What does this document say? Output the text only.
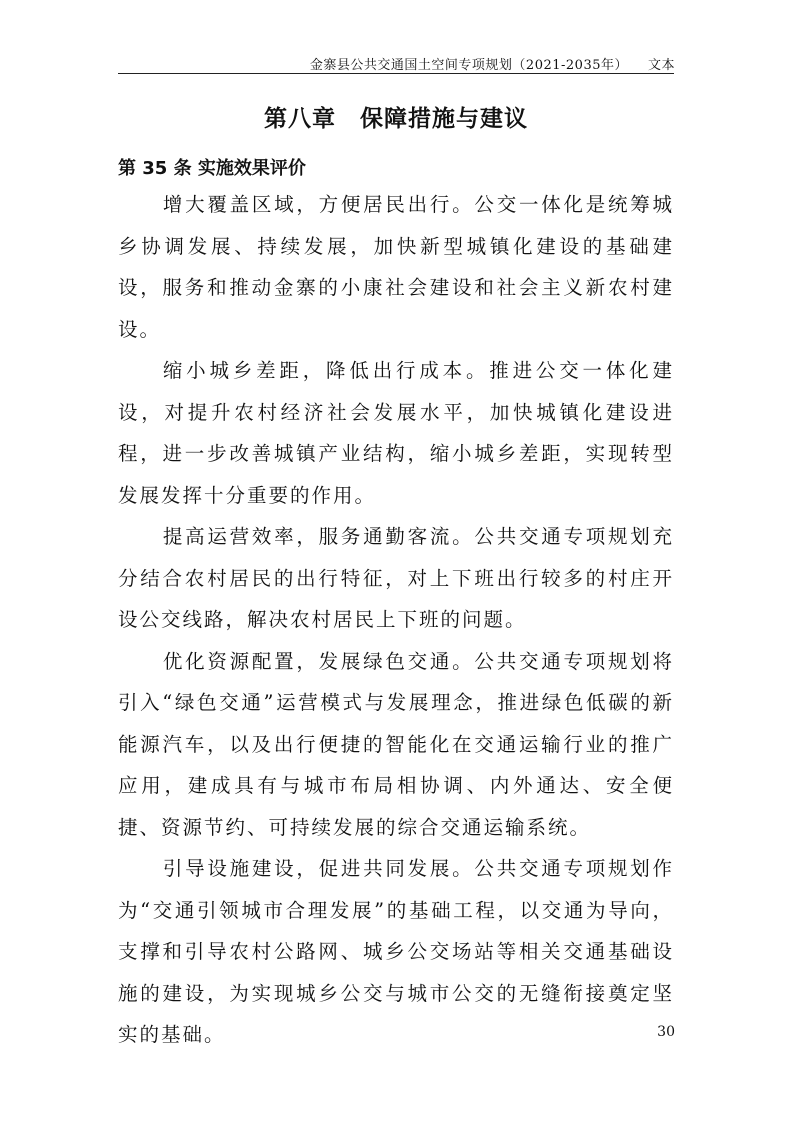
金寨县公共交通国土空间专项规划（2021-2035年） 文本
第八章　保障措施与建议
第 35 条 实施效果评价

增大覆盖区域，方便居民出行。公交一体化是统筹城乡协调发展、持续发展，加快新型城镇化建设的基础建设，服务和推动金寨的小康社会建设和社会主义新农村建设。

缩小城乡差距，降低出行成本。推进公交一体化建设，对提升农村经济社会发展水平，加快城镇化建设进程，进一步改善城镇产业结构，缩小城乡差距，实现转型发展发挥十分重要的作用。

提高运营效率，服务通勤客流。公共交通专项规划充分结合农村居民的出行特征，对上下班出行较多的村庄开设公交线路，解决农村居民上下班的问题。

优化资源配置，发展绿色交通。公共交通专项规划将引入“绿色交通”运营模式与发展理念，推进绿色低碳的新能源汽车，以及出行便捷的智能化在交通运输行业的推广应用，建成具有与城市布局相协调、内外通达、安全便捷、资源节约、可持续发展的综合交通运输系统。

引导设施建设，促进共同发展。公共交通专项规划作为“交通引领城市合理发展”的基础工程，以交通为导向，支撑和引导农村公路网、城乡公交场站等相关交通基础设施的建设，为实现城乡公交与城市公交的无缝衔接奠定坚实的基础。	30
